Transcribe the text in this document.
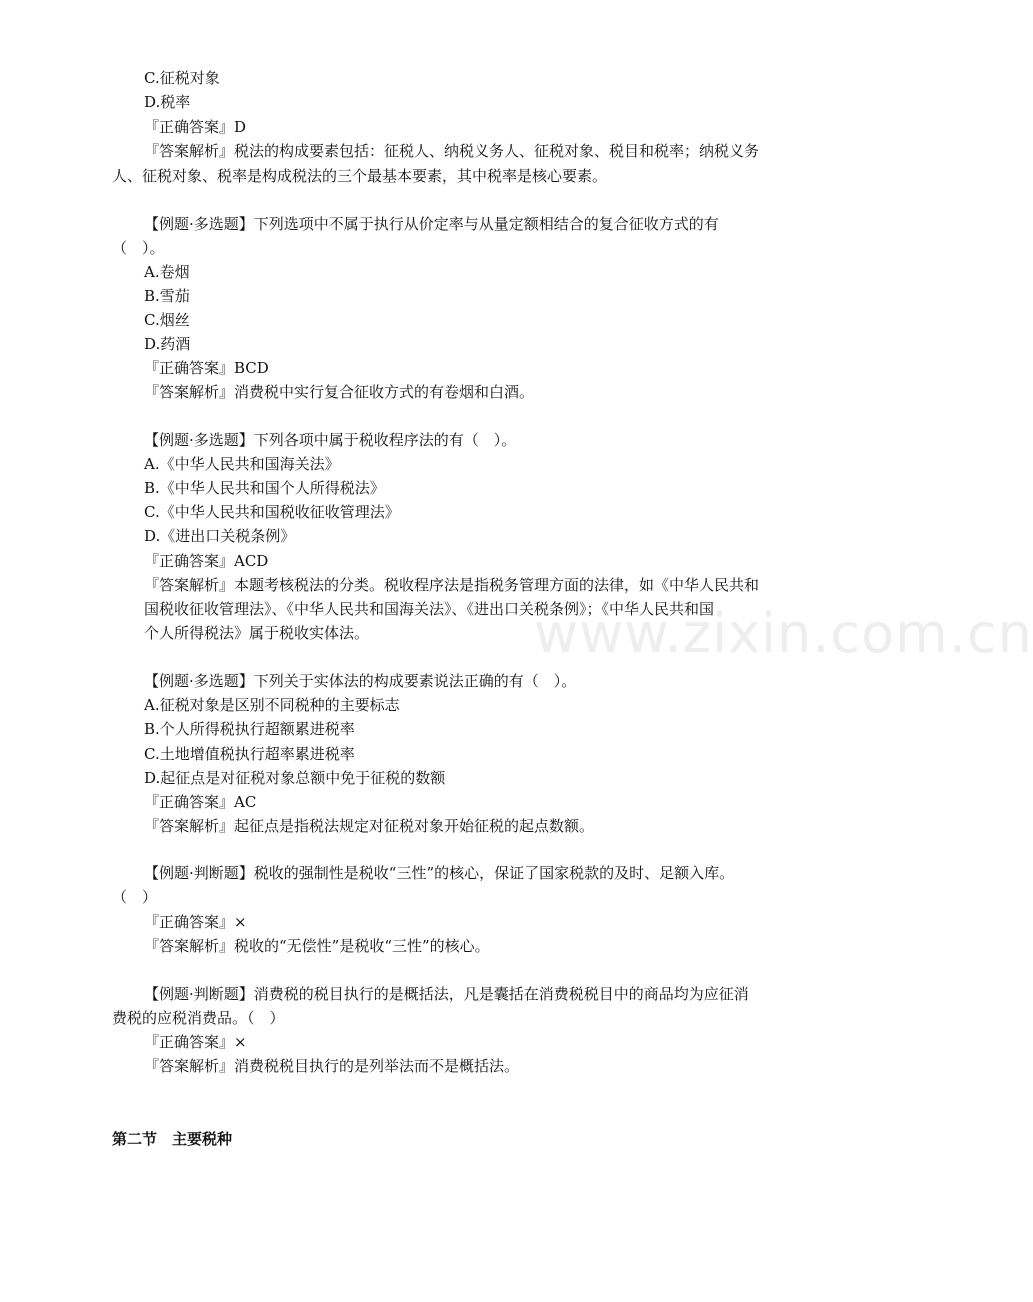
C.征税对象
D.税率
『正确答案』D
『答案解析』税法的构成要素包括：征税人、纳税义务人、征税对象、税目和税率；纳税义务
人、征税对象、税率是构成税法的三个最基本要素，其中税率是核心要素。
【例题·多选题】下列选项中不属于执行从价定率与从量定额相结合的复合征收方式的有
（　）。
A.卷烟
B.雪茄
C.烟丝
D.药酒
『正确答案』BCD
『答案解析』消费税中实行复合征收方式的有卷烟和白酒。
【例题·多选题】下列各项中属于税收程序法的有（　）。
A.《中华人民共和国海关法》
B.《中华人民共和国个人所得税法》
C.《中华人民共和国税收征收管理法》
D.《进出口关税条例》
『正确答案』ACD
『答案解析』本题考核税法的分类。税收程序法是指税务管理方面的法律，如《中华人民共和
国税收征收管理法》、《中华人民共和国海关法》、《进出口关税条例》；《中华人民共和国
个人所得税法》属于税收实体法。
【例题·多选题】下列关于实体法的构成要素说法正确的有（　）。
A.征税对象是区别不同税种的主要标志
B.个人所得税执行超额累进税率
C.土地增值税执行超率累进税率
D.起征点是对征税对象总额中免于征税的数额
『正确答案』AC
『答案解析』起征点是指税法规定对征税对象开始征税的起点数额。
【例题·判断题】税收的强制性是税收“三性”的核心，保证了国家税款的及时、足额入库。
（　）
『正确答案』×
『答案解析』税收的“无偿性”是税收“三性”的核心。
【例题·判断题】消费税的税目执行的是概括法，凡是囊括在消费税税目中的商品均为应征消
费税的应税消费品。（　）
『正确答案』×
『答案解析』消费税税目执行的是列举法而不是概括法。
第二节　主要税种
www.zixin.com.cn
